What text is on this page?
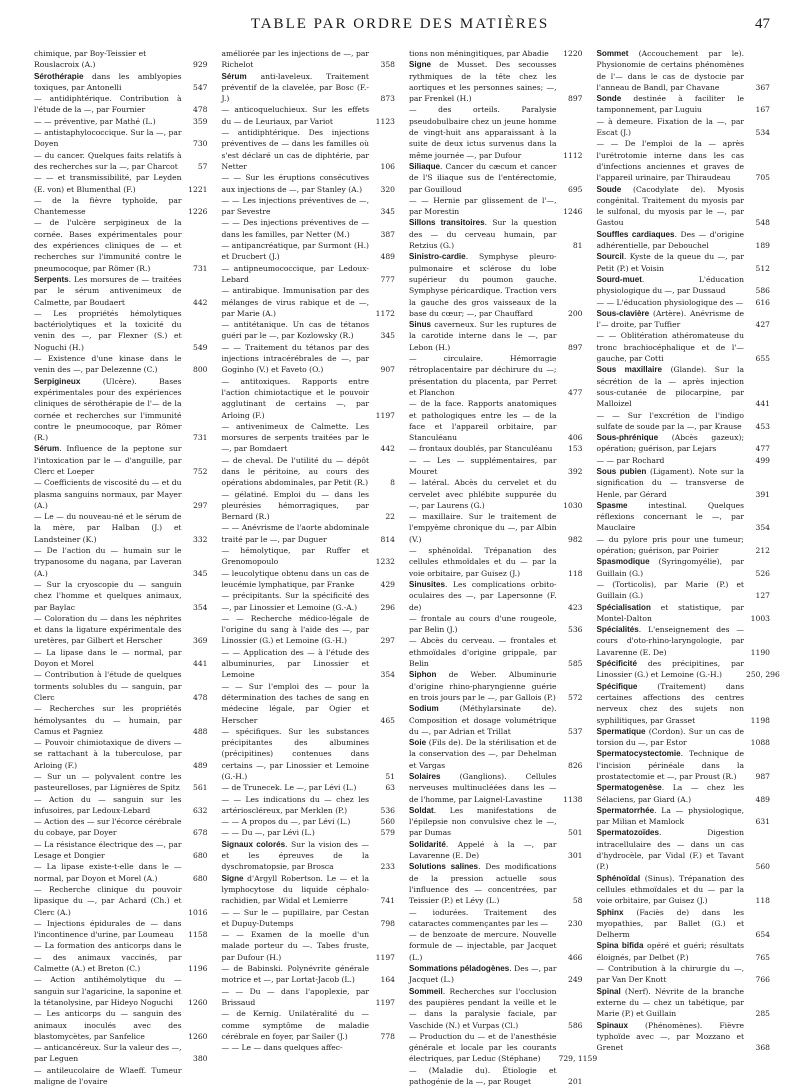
TABLE PAR ORDRE DES MATIÈRES	47
chimique, par Boy-Teissier et
Rouslacroix (A.)	929
Sérothérapie dans les amblyopies toxiques, par Antonelli	547
— antidiphtérique. Contribution à l'étude de la —, par Fournier	478
— — préventive, par Mathé (L.)	359
— antistaphylococcique. Sur la —, par Doyen	730
— du cancer. Quelques faits relatifs à des recherches sur la —, par Charcot	57
— — et transmissibilité, par Leyden (E. von) et Blumenthal (F.)	1221
— de la fièvre typhoïde, par Chantemesse	1226
— de l'ulcère serpigineux de la cornée. Bases expérimentales pour des expériences cliniques de — et recherches sur l'immunité contre le pneumocoque, par Römer (R.)	731
Serpents. Les morsures de — traitées par le sérum antivenimeux de Calmette, par Boudaert	442
— Les propriétés hémolytiques bactériolytiques et la toxicité du venin des —, par Flexner (S.) et Noguchi (H.)	549
— Existence d'une kinase dans le venin des —, par Delezenne (C.)	800
Serpigineux (Ulcère). Bases expérimentales pour des expériences cliniques de sérothérapie de l'— de la cornée et recherches sur l'immunité contre le pneumocoque, par Römer (R.)	731
Sérum. Influence de la peptone sur l'intoxication par le — d'anguille, par Clerc et Loeper	752
— Coefficients de viscosité du — et du plasma sanguins normaux, par Mayer (A.)	297
— Le — du nouveau-né et le sérum de la mère, par Halban (J.) et Landsteiner (K.)	332
— De l'action du — humain sur le trypanosome du nagana, par Laveran (A.)	345
— Sur la cryoscopie du — sanguin chez l'homme et quelques animaux, par Baylac	354
— Coloration du — dans les néphrites et dans la ligature expérimentale des uretères, par Gilbert et Herscher	369
— La lipase dans le — normal, par Doyon et Morel	441
— Contribution à l'étude de quelques torments solubles du — sanguin, par Clerc	478
— Recherches sur les propriétés hémolysantes du — humain, par Camus et Pagniez	488
— Pouvoir chimiotaxique de divers — se rattachant à la tuberculose, par Arloing (F.)	489
— Sur un — polyvalent contre les pasteurelloses, par Lignières de Spitz	561
— Action du — sanguin sur les infusoires, par Ledoux-Lebard	632
— Action des — sur l'écorce cérébrale du cobaye, par Doyer	678
— La résistance électrique des —, par Lesage et Dongier	680
— La lipase existe-t-elle dans le — normal, par Doyon et Morel (A.)	680
— Recherche clinique du pouvoir lipasique du —, par Achard (Ch.) et Clerc (A.)	1016
— Injections épidurales de — dans l'incontinence d'urine, par Loumeau	1158
— La formation des anticorps dans le — des animaux vaccinés, par Calmette (A.) et Breton (C.)	1196
— Action antihémolytique du — sanguin sur l'agaricine, la saponine et la tétanolysine, par Hideyo Noguchi	1260
— Les anticorps du — sanguin des animaux inoculés avec des blastomycètes, par Sanfelice	1260
— anticancéreux. Sur la valeur des —, par Leguen	380
— antileucolaire de Wlaeff. Tumeur maligne de l'ovaire
améliorée par les injections de —, par Richelot	358
Sérum anti-laveleux. Traitement préventif de la clavelée, par Bosc (F.-J.)	873
— anticoqueluchieux. Sur les effets du — de Leuriaux, par Variot	1123
— antidiphtérique. Des injections préventives de — dans les familles où s'est déclaré un cas de diphtérie, par Netter	106
— — Sur les éruptions consécutives aux injections de —, par Stanley (A.)	320
— — Les injections préventives de —, par Sevestre	345
— — Des injections préventives de — dans les familles, par Netter (M.)	387
— antipancréatique, par Surmont (H.) et Drucbert (J.)	489
— antipneumococcique, par Ledoux-Lebard	777
— antirabique. Immunisation par des mélanges de virus rabique et de —, par Marie (A.)	1172
— antitétanique. Un cas de tétanos guéri par le —, par Kozlowsky (R.)	345
— — Traitement du tétanos par des injections intracérébrales de —, par Goginho (V.) et Faveto (O.)	907
— antitoxiques. Rapports entre l'action chimiotactique et le pouvoir agglutinant de certains —, par Arloing (F.)	1197
— antivenimeux de Calmette. Les morsures de serpents traitées par le —, par Bomdaert	442
— de cheval. De l'utilité du — dépôt dans le péritoine, au cours des opérations abdominales, par Petit (R.)	8
— gélatiné. Emploi du — dans les pleurésies hémorragiques, par Bernard (R.)	22
— — Anévrisme de l'aorte abdominale traité par le —, par Duguer	814
— hémolytique, par Ruffer et Grenomopoulo	1232
— leucolytique obtenu dans un cas de leucémie lymphatique, par Franke	429
— précipitants. Sur la spécificité des —, par Linossier et Lemoine (G.-A.)	296
— — Recherche médico-légale de l'origine du sang à l'aide des —, par Linossier (G.) et Lemoine (G.-H.)	297
— — Application des — à l'étude des albuminuries, par Linossier et Lemoine	354
— — Sur l'emploi des — pour la détermination des taches de sang en médecine légale, par Ogier et Herscher	465
— spécifiques. Sur les substances précipitantes des albumines (précipitines) contenues dans certains —, par Linossier et Lemoine (G.-H.)	51
— de Trunecek. Le —, par Lévi (L.)	63
— — Les indications du — chez les artérioscléreux, par Merklen (P.)	536
— — A propos du —, par Lévi (L.)	560
— — Du —, par Lévi (L.)	579
Signaux colorés. Sur la vision des — et les épreuves de la dyschromatopsie, par Brosca	233
Signe d'Argyll Robertson. Le — et la lymphocytose du liquide céphalo-rachidien, par Widal et Lemierre	741
— — Sur le — pupillaire, par Cestan et Dupuy-Dutemps	798
— — Examen de la moelle d'un malade porteur du —. Tabes fruste, par Dufour (H.)	1197
— de Babinski. Polynévrite générale motrice et —, par Lortat-Jacob (L.)	164
— — Du — dans l'apoplexie, par Brissaud	1197
— de Kernig. Unilatéralité du — comme symptôme de maladie cérébrale en foyer, par Sailer (J.)	778
— — Le — dans quelques affec-
tions non méningitiques, par Abadie	1220
Signe de Musset. Des secousses rythmiques de la tête chez les aortiques et les personnes saines; —, par Frenkel (H.)	897
— des orteils. Paralysie pseudobulbaire chez un jeune homme de vingt-huit ans apparaissant à la suite de deux ictus survenus dans la même journée —, par Dufour	1112
Siliaque. Cancer du cæcum et cancer de l'S iliaque sus de l'entérectomie, par Gouilloud	695
— — Hernie par glissement de l'—, par Morestin	1246
Sillons transitoires. Sur la question des — du cerveau humain, par Retzius (G.)	81
Sinistro-cardie. Symphyse pleuro-pulmonaire et sclérose du lobe supérieur du poumon gauche. Symphyse péricardique. Traction vers la gauche des gros vaisseaux de la base du cœur; —, par Chauffard	200
Sinus caverneux. Sur les ruptures de la carotide interne dans le —, par Lebon (H.)	897
— circulaire. Hémorragie rétroplacentaire par déchirure du —; présentation du placenta, par Perret et Planchon	477
— de la face. Rapports anatomiques et pathologiques entre les — de la face et l'appareil orbitaire, par Stanculéanu	406
— frontaux doublés, par Stanculéanu	153
— — Les — supplémentaires, par Mouret	392
— latéral. Abcès du cervelet et du cervelet avec phlébite suppurée du —, par Laurens (G.)	1030
— maxillaire. Sur le traitement de l'empyème chronique du —, par Albin (V.)	982
— sphénoïdal. Trépanation des cellules ethmoïdales et du — par la voie orbitaire, par Guisez (J.)	118
Sinusites. Les complications orbito-oculaires des —, par Lapersonne (F. de)	423
— frontale au cours d'une rougeole, par Belin (J.)	536
— Abcès du cerveau. — frontales et ethmoïdales d'origine grippale, par Belin	585
Siphon de Weber. Albuminurie d'origine rhino-pharyngienne guérie en trois jours par le —, par Gallois (P.)	572
Sodium (Méthylarsinate de). Composition et dosage volumétrique du —, par Adrian et Trillat	537
Soie (Fils de). De la stérilisation et de la conservation des —, par Dehelman et Vargas	826
Solaires (Ganglions). Cellules nerveuses multinucléées dans les — de l'homme, par Laignel-Lavastine	1138
Soldat. Les manifestations de l'épilepsie non convulsive chez le —, par Dumas	501
Solidarité. Appelé à la —, par Lavarenne (E. De)	301
Solutions salines. Des modifications de la pression actuelle sous l'influence des — concentrées, par Teissier (P.) et Lévy (L.)	58
— iodurées. Traitement des cataractes commençantes par les —	230
— de benzoate de mercure. Nouvelle formule de — injectable, par Jacquet (L.)	466
Sommations péladogènes. Des —, par Jacquet (L.)	249
Sommeil. Recherches sur l'occlusion des paupières pendant la veille et le — dans la paralysie faciale, par Vaschide (N.) et Vurpas (Cl.)	586
— Production du — et de l'anesthésie générale et locale par les courants électriques, par Leduc (Stéphane)	729, 1159
— (Maladie du). Étiologie et pathogénie de la —, par Rouget	201
Sommet (Accouchement par le). Physionomie de certains phénomènes de l'— dans le cas de dystocie par l'anneau de Bandl, par Chavane	367
Sonde destinée à faciliter le tamponnement, par Luguiu	167
— à demeure. Fixation de la —, par Escat (J.)	534
— — De l'emploi de la — après l'urétrotomie interne dans les cas d'infections anciennes et graves de l'appareil urinaire, par Thiraudeau	705
Soude (Cacodylate de). Myosis congénital. Traitement du myosis par le sulfonal, du myosis par le —, par Gastou	548
Souffles cardiaques. Des — d'origine adhérentielle, par Debouchel	189
Sourcil. Kyste de la queue du —, par Petit (P.) et Voisin	512
Sourd-muet. L'éducation physiologique du —, par Dussaud	586
— — L'éducation physiologique des —	616
Sous-clavière (Artère). Anévrisme de l'— droite, par Tuffier	427
— — Oblitération athéromateuse du tronc brachiocéphalique et de l'— gauche, par Cotti	655
Sous maxillaire (Glande). Sur la sécrétion de la — après injection sous-cutanée de pilocarpine, par Malloizel	441
— — Sur l'excrétion de l'indigo sulfate de soude par la —, par Krause	453
Sous-phrénique (Abcès gazeux); opération; guérison, par Lejars	477
— — par Rochard	499
Sous pubien (Ligament). Note sur la signification du — transverse de Henle, par Gérard	391
Spasme intestinal. Quelques réflexions concernant le —, par Mauclaire	354
— du pylore pris pour une tumeur; opération; guérison, par Poirier	212
Spasmodique (Syringomyélie), par Guillain (G.)	526
— (Torticolis), par Marie (P.) et Guillain (G.)	127
Spécialisation et statistique, par Montel-Dalton	1003
Spécialités. L'enseignement des — cours d'oto-rhino-laryngologie, par Lavarenne (E. De)	1190
Spécificité des précipitines, par Linossier (G.) et Lemoine (G.-H.)	250, 296
Spécifique (Traitement) dans certaines affections des centres nerveux chez des sujets non syphilitiques, par Grasset	1198
Spermatique (Cordon). Sur un cas de torsion du —, par Estor	1088
Spermatocystectomie. Technique de l'incision périnéale dans la prostatectomie et —, par Proust (R.)	987
Spermatogenèse. La — chez les Sélaciens, par Giard (A.)	489
Spermatorrhée. La — physiologique, par Milian et Mamlock	631
Spermatozoïdes. Digestion intracellulaire des — dans un cas d'hydrocèle, par Vidal (F.) et Tavant (P.)	560
Sphénoïdal (Sinus). Trépanation des cellules ethmoïdales et du — par la voie orbitaire, par Guisez (J.)	118
Sphinx (Faciès de) dans les myopathies, par Ballet (G.) et Delherm	654
Spina bifida opéré et guéri; résultats éloignés, par Delbet (P.)	765
— Contribution à la chirurgie du —, par Van Der Knott	766
Spinal (Nerf). Névrite de la branche externe du — chez un tabétique, par Marie (P.) et Guillain	285
Spinaux (Phénomènes). Fièvre typhoïde avec —, par Mozzano et Grenet	368
